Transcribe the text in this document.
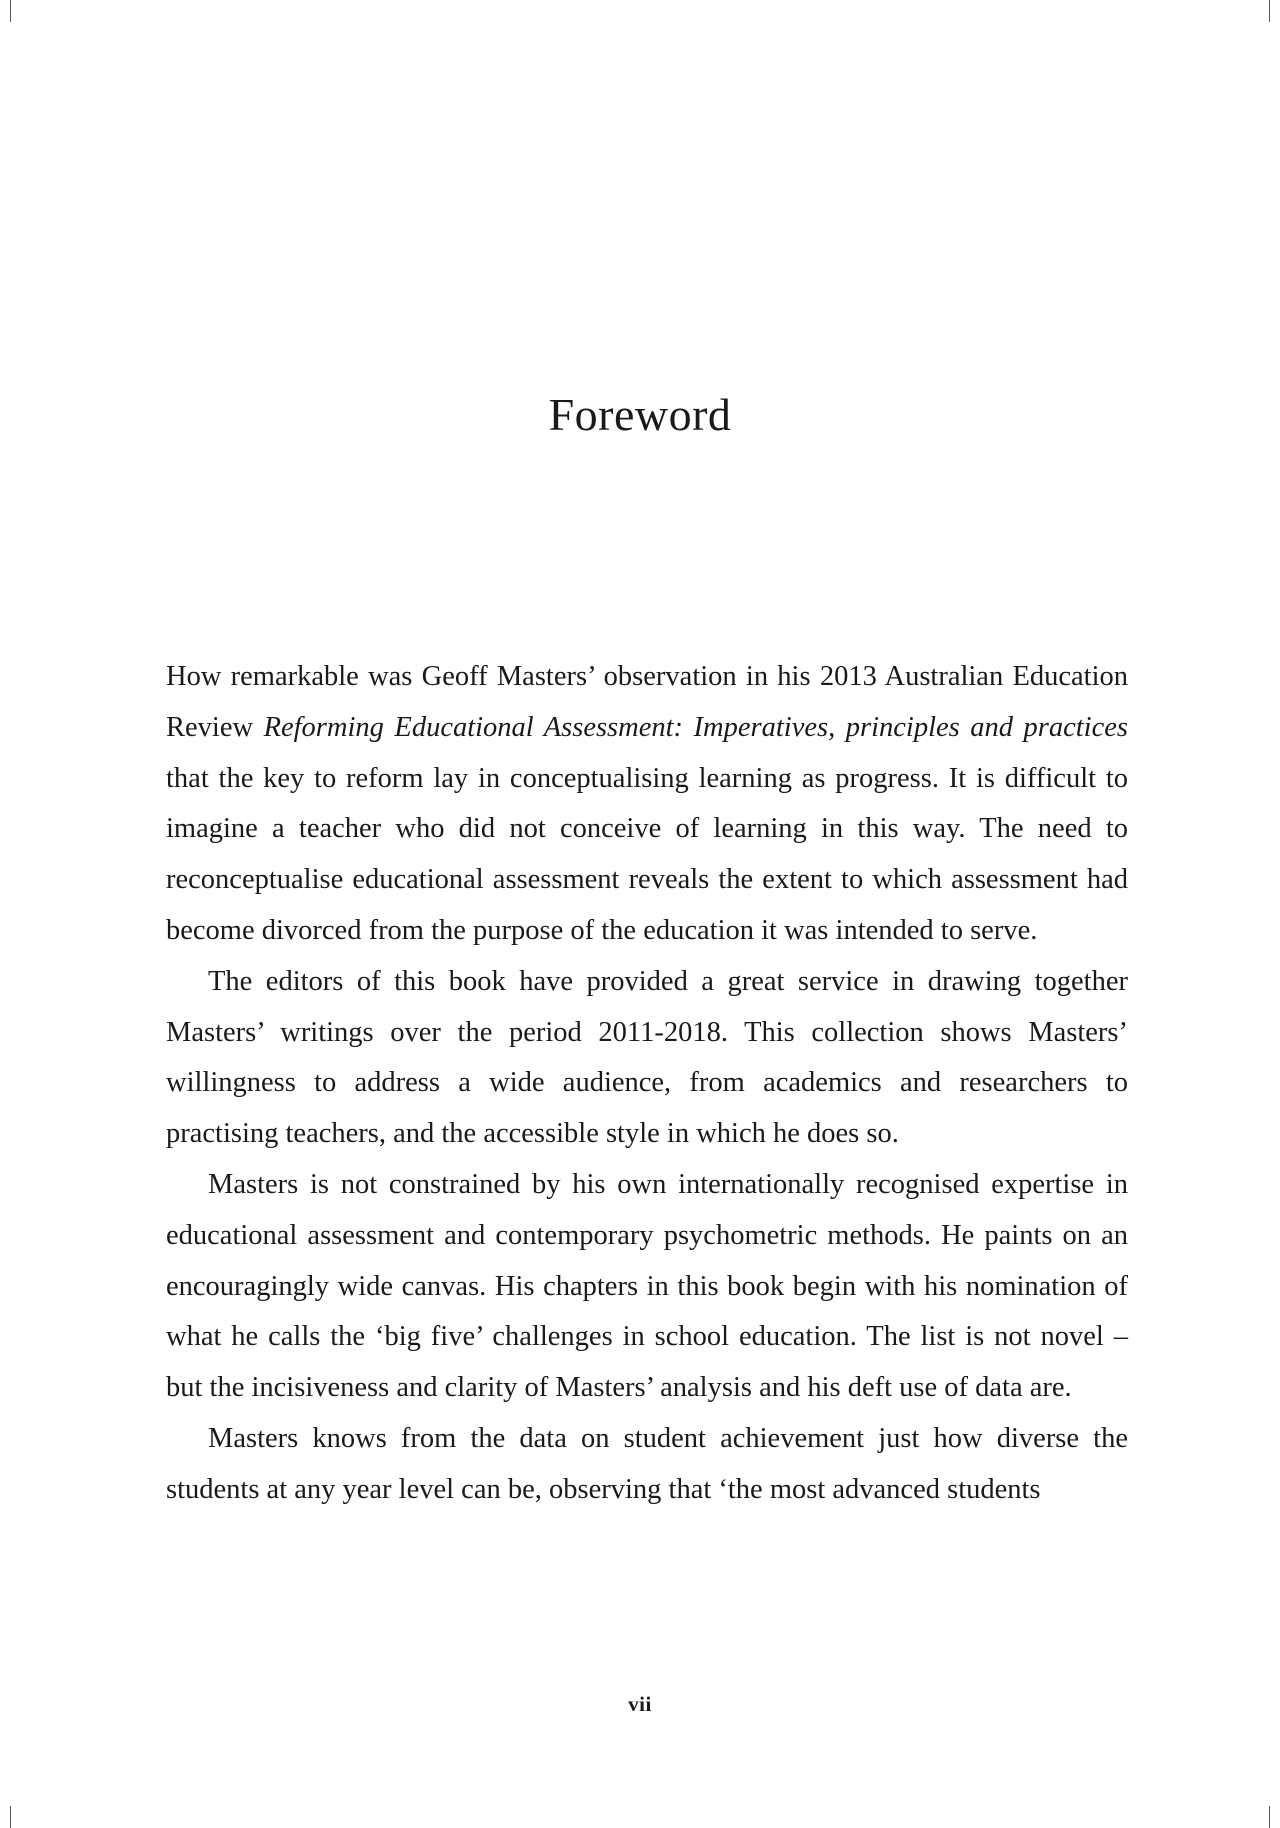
Foreword

How remarkable was Geoff Masters’ observation in his 2013 Australian Education Review Reforming Educational Assessment: Imperatives, principles and practices that the key to reform lay in conceptualising learning as progress. It is difficult to imagine a teacher who did not conceive of learning in this way. The need to reconceptualise educational assessment reveals the extent to which assessment had become divorced from the purpose of the education it was intended to serve.

The editors of this book have provided a great service in drawing together Masters’ writings over the period 2011-2018. This collection shows Masters’ willingness to address a wide audience, from academics and researchers to practising teachers, and the accessible style in which he does so.

Masters is not constrained by his own internationally recognised expertise in educational assessment and contemporary psychometric methods. He paints on an encouragingly wide canvas. His chapters in this book begin with his nomination of what he calls the ‘big five’ challenges in school education. The list is not novel – but the incisiveness and clarity of Masters’ analysis and his deft use of data are.

Masters knows from the data on student achievement just how diverse the students at any year level can be, observing that ‘the most advanced students

vii
